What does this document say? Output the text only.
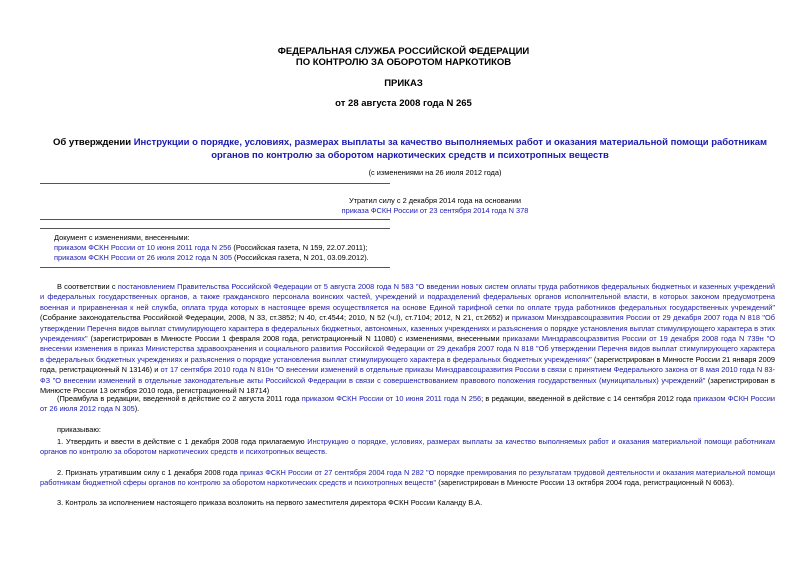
ФЕДЕРАЛЬНАЯ СЛУЖБА РОССИЙСКОЙ ФЕДЕРАЦИИ
ПО КОНТРОЛЮ ЗА ОБОРОТОМ НАРКОТИКОВ
ПРИКАЗ
от 28 августа 2008 года N 265
Об утверждении Инструкции о порядке, условиях, размерах выплаты за качество выполняемых работ и оказания материальной помощи работникам органов по контролю за оборотом наркотических средств и психотропных веществ
(с изменениями на 26 июля 2012 года)
Утратил силу с 2 декабря 2014 года на основании
приказа ФСКН России от 23 сентября 2014 года N 378
Документ с изменениями, внесенными:
приказом ФСКН России от 10 июня 2011 года N 256 (Российская газета, N 159, 22.07.2011);
приказом ФСКН России от 26 июля 2012 года N 305 (Российская газета, N 201, 03.09.2012).
В соответствии с постановлением Правительства Российской Федерации от 5 августа 2008 года N 583 "О введении новых систем оплаты труда работников федеральных бюджетных и казенных учреждений и федеральных государственных органов, а также гражданского персонала воинских частей, учреждений и подразделений федеральных органов исполнительной власти, в которых законом предусмотрена военная и приравненная к ней служба, оплата труда которых в настоящее время осуществляется на основе Единой тарифной сетки по оплате труда работников федеральных государственных учреждений" (Собрание законодательства Российской Федерации, 2008, N 33, ст.3852; N 40, ст.4544; 2010, N 52 (ч.I), ст.7104; 2012, N 21, ст.2652) и приказом Минздравсоцразвития России от 29 декабря 2007 года N 818 "Об утверждении Перечня видов выплат стимулирующего характера в федеральных бюджетных, автономных, казенных учреждениях и разъяснения о порядке установления выплат стимулирующего характера в этих учреждениях" (зарегистрирован в Минюсте России 1 февраля 2008 года, регистрационный N 11080) с изменениями, внесенными приказами Минздравсоцразвития России от 19 декабря 2008 года N 739н "О внесении изменения в приказ Министерства здравоохранения и социального развития Российской Федерации от 29 декабря 2007 года N 818 "Об утверждении Перечня видов выплат стимулирующего характера в федеральных бюджетных учреждениях и разъяснения о порядке установления выплат стимулирующего характера в федеральных бюджетных учреждениях" (зарегистрирован в Минюсте России 21 января 2009 года, регистрационный N 13146) и от 17 сентября 2010 года N 810н "О внесении изменений в отдельные приказы Минздравсоцразвития России в связи с принятием Федерального закона от 8 мая 2010 года N 83-ФЗ "О внесении изменений в отдельные законодательные акты Российской Федерации в связи с совершенствованием правового положения государственных (муниципальных) учреждений" (зарегистрирован в Минюсте России 13 октября 2010 года, регистрационный N 18714)
(Преамбула в редакции, введенной в действие со 2 августа 2011 года приказом ФСКН России от 10 июня 2011 года N 256; в редакции, введенной в действие с 14 сентября 2012 года приказом ФСКН России от 26 июля 2012 года N 305).
приказываю:
1. Утвердить и ввести в действие с 1 декабря 2008 года прилагаемую Инструкцию о порядке, условиях, размерах выплаты за качество выполняемых работ и оказания материальной помощи работникам органов по контролю за оборотом наркотических средств и психотропных веществ.
2. Признать утратившим силу с 1 декабря 2008 года приказ ФСКН России от 27 сентября 2004 года N 282 "О порядке премирования по результатам трудовой деятельности и оказания материальной помощи работникам бюджетной сферы органов по контролю за оборотом наркотических средств и психотропных веществ" (зарегистрирован в Минюсте России 13 октября 2004 года, регистрационный N 6063).
3. Контроль за исполнением настоящего приказа возложить на первого заместителя директора ФСКН России Каланду В.А.
